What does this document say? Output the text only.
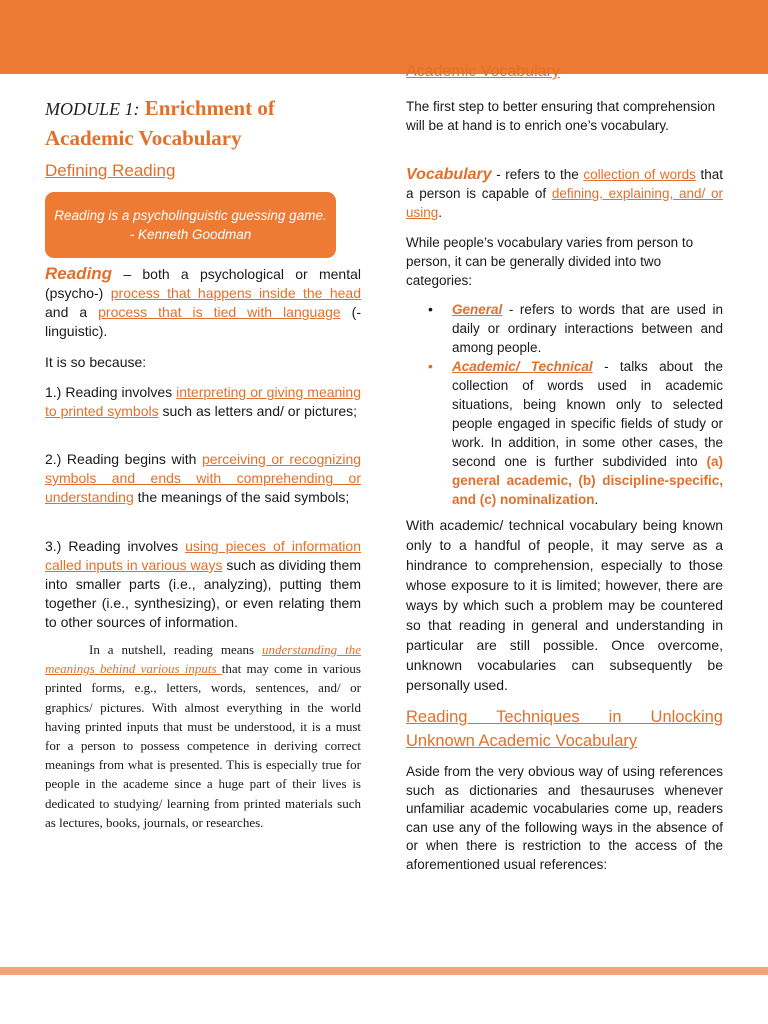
MODULE 1: Enrichment of Academic Vocabulary
Defining Reading
Reading is a psycholinguistic guessing game. - Kenneth Goodman

Reading – both a psychological or mental (psycho-) process that happens inside the head and a process that is tied with language (-linguistic).

It is so because:

1.) Reading involves interpreting or giving meaning to printed symbols such as letters and/ or pictures;

2.) Reading begins with perceiving or recognizing symbols and ends with comprehending or understanding the meanings of the said symbols;

3.) Reading involves using pieces of information called inputs in various ways such as dividing them into smaller parts (i.e., analyzing), putting them together (i.e., synthesizing), or even relating them to other sources of information.

In a nutshell, reading means understanding the meanings behind various inputs that may come in various printed forms, e.g., letters, words, sentences, and/ or graphics/ pictures. With almost everything in the world having printed inputs that must be understood, it is a must for a person to possess competence in deriving correct meanings from what is presented. This is especially true for people in the academe since a huge part of their lives is dedicated to studying/ learning from printed materials such as lectures, books, journals, or researches.

Academic Vocabulary

The first step to better ensuring that comprehension will be at hand is to enrich one’s vocabulary.

Vocabulary - refers to the collection of words that a person is capable of defining, explaining, and/ or using.

While people’s vocabulary varies from person to person, it can be generally divided into two categories:

• General - refers to words that are used in daily or ordinary interactions between and among people.
• Academic/ Technical - talks about the collection of words used in academic situations, being known only to selected people engaged in specific fields of study or work. In addition, in some other cases, the second one is further subdivided into (a) general academic, (b) discipline-specific, and (c) nominalization.

With academic/ technical vocabulary being known only to a handful of people, it may serve as a hindrance to comprehension, especially to those whose exposure to it is limited; however, there are ways by which such a problem may be countered so that reading in general and understanding in particular are still possible. Once overcome, unknown vocabularies can subsequently be personally used.

Reading Techniques in Unlocking Unknown Academic Vocabulary

Aside from the very obvious way of using references such as dictionaries and thesauruses whenever unfamiliar academic vocabularies come up, readers can use any of the following ways in the absence of or when there is restriction to the access of the aforementioned usual references:
